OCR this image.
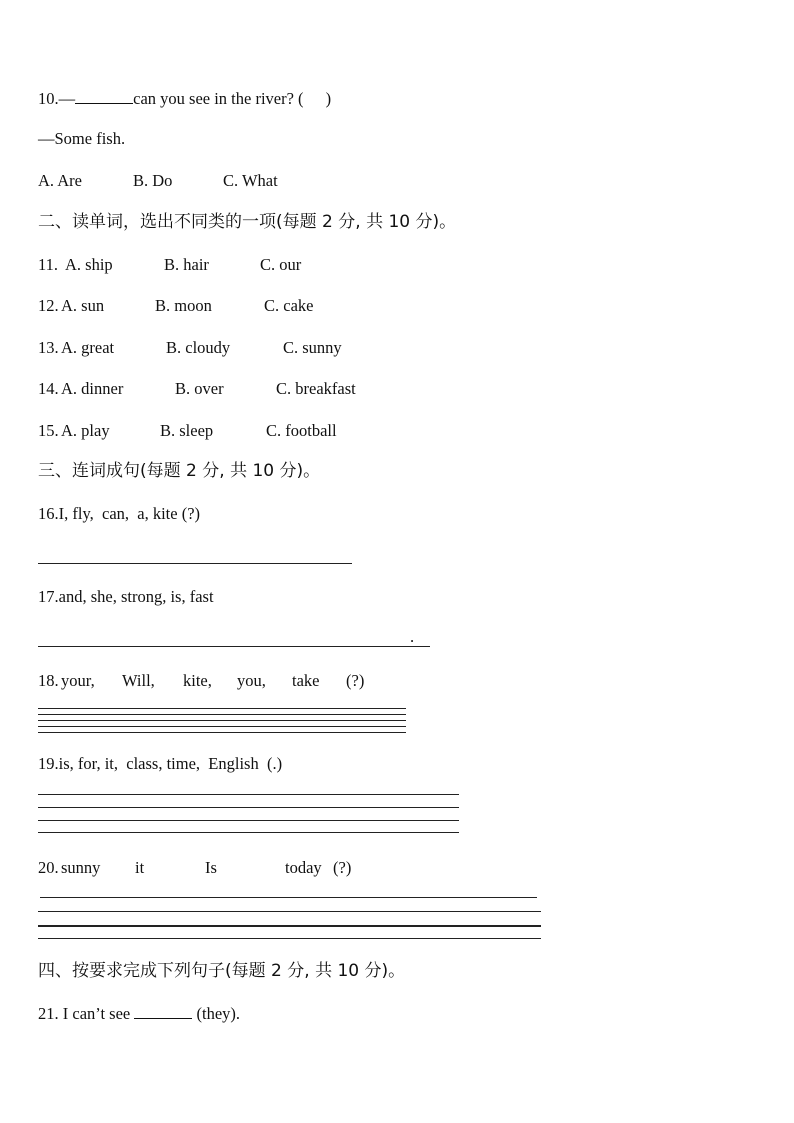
10.—	can you see in the river? ( )
—Some fish.
A. Are	B. Do	C. What
二、读单词，选出不同类的一项(每题 2 分, 共 10 分)。
11. A. ship	B. hair	C. our
12. A. sun	B. moon	C. cake
13. A. great	B. cloudy	C. sunny
14. A. dinner	B. over	C. breakfast
15. A. play	B. sleep	C. football
三、连词成句(每题 2 分, 共 10 分)。
16.I, fly,  can,  a, kite (?)
17.and, she, strong, is, fast
.
18. your, Will, kite, you, take (?)
19.is, for, it,  class, time,  English (.)
20. sunny it	Is	today (?)
四、按要求完成下列句子(每题 2 分, 共 10 分)。
21. I can’t see	(they).
